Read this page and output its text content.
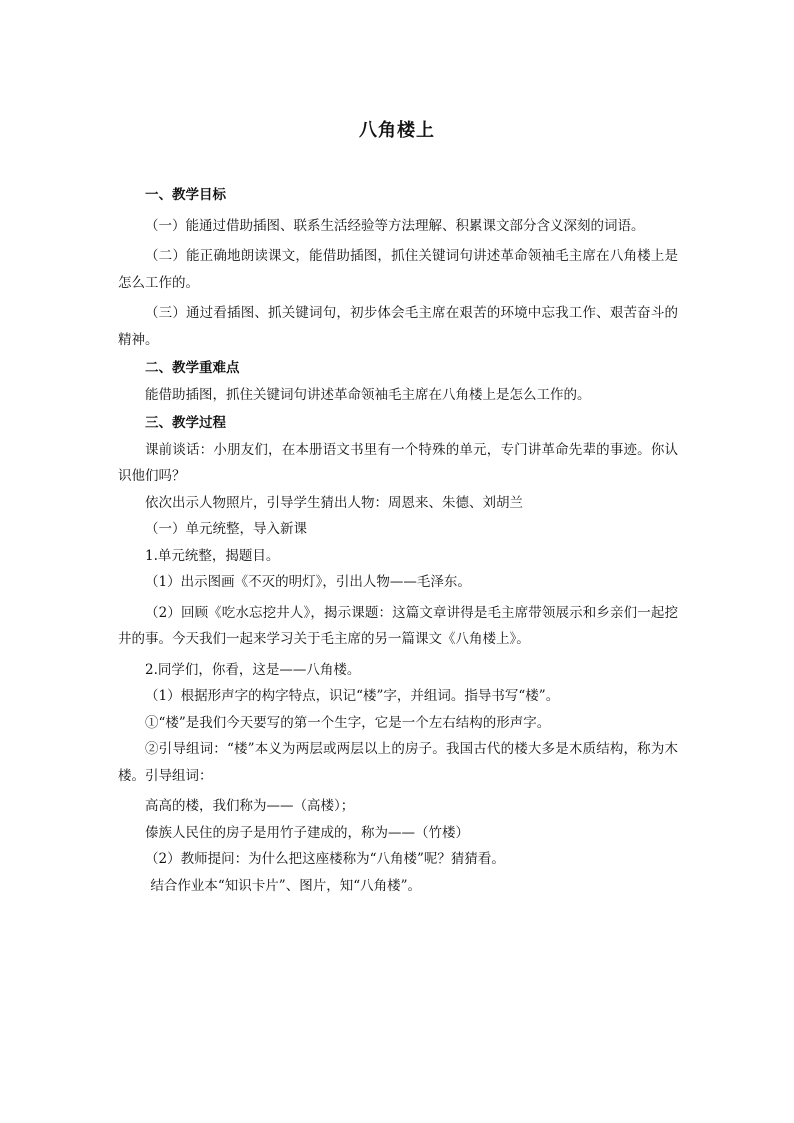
八角楼上

一、教学目标

（一）能通过借助插图、联系生活经验等方法理解、积累课文部分含义深刻的词语。

（二）能正确地朗读课文，能借助插图，抓住关键词句讲述革命领袖毛主席在八角楼上是怎么工作的。

（三）通过看插图、抓关键词句，初步体会毛主席在艰苦的环境中忘我工作、艰苦奋斗的精神。

二、教学重难点

能借助插图，抓住关键词句讲述革命领袖毛主席在八角楼上是怎么工作的。

三、教学过程

课前谈话：小朋友们，在本册语文书里有一个特殊的单元，专门讲革命先辈的事迹。你认识他们吗？

依次出示人物照片，引导学生猜出人物：周恩来、朱德、刘胡兰

（一）单元统整，导入新课

1.单元统整，揭题目。

（1）出示图画《不灭的明灯》，引出人物——毛泽东。

（2）回顾《吃水忘挖井人》，揭示课题：这篇文章讲得是毛主席带领展示和乡亲们一起挖井的事。今天我们一起来学习关于毛主席的另一篇课文《八角楼上》。

2.同学们，你看，这是——八角楼。

（1）根据形声字的构字特点，识记“楼”字，并组词。指导书写“楼”。

①“楼”是我们今天要写的第一个生字，它是一个左右结构的形声字。

②引导组词：“楼”本义为两层或两层以上的房子。我国古代的楼大多是木质结构，称为木楼。引导组词：

高高的楼，我们称为——（高楼）；

傣族人民住的房子是用竹子建成的，称为——（竹楼）

（2）教师提问：为什么把这座楼称为“八角楼”呢？猜猜看。

结合作业本“知识卡片”、图片，知“八角楼”。
